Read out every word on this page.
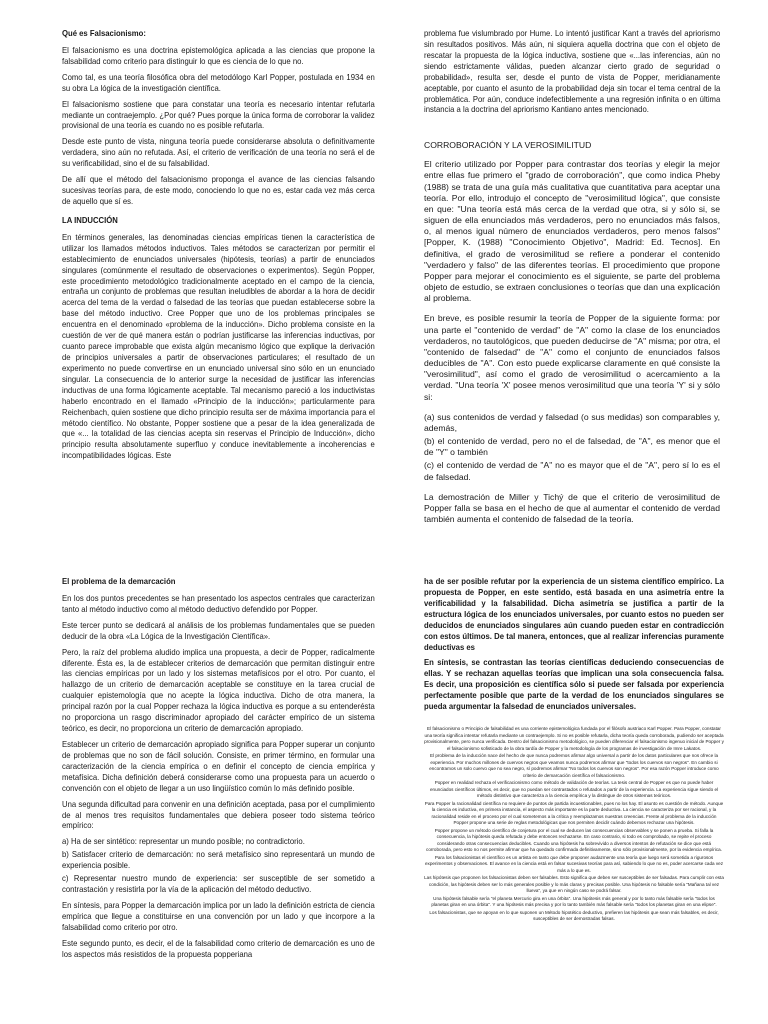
Qué es Falsacionismo:

El falsacionismo es una doctrina epistemológica aplicada a las ciencias que propone la falsabilidad como criterio para distinguir lo que es ciencia de lo que no.

Como tal, es una teoría filosófica obra del metodólogo Karl Popper, postulada en 1934 en su obra La lógica de la investigación científica.

El falsacionismo sostiene que para constatar una teoría es necesario intentar refutarla mediante un contraejemplo. ¿Por qué? Pues porque la única forma de corroborar la validez provisional de una teoría es cuando no es posible refutarla.

Desde este punto de vista, ninguna teoría puede considerarse absoluta o definitivamente verdadera, sino aún no refutada. Así, el criterio de verificación de una teoría no será el de su verificabilidad, sino el de su falsabilidad.

De allí que el método del falsacionismo proponga el avance de las ciencias falsando sucesivas teorías para, de este modo, conociendo lo que no es, estar cada vez más cerca de aquello que sí es.

LA INDUCCIÓN

En términos generales, las denominadas ciencias empíricas tienen la característica de utilizar los llamados métodos inductivos. Tales métodos se caracterizan por permitir el establecimiento de enunciados universales (hipótesis, teorías) a partir de enunciados singulares (comúnmente el resultado de observaciones o experimentos). Según Popper, este procedimiento metodológico tradicionalmente aceptado en el campo de la ciencia, entraña un conjunto de problemas que resultan ineludibles de abordar a la hora de decidir acerca del tema de la verdad o falsedad de las teorías que puedan establecerse sobre la base del método inductivo. Cree Popper que uno de los problemas principales se encuentra en el denominado «problema de la inducción». Dicho problema consiste en la cuestión de ver de qué manera están o podrían justificarse las inferencias inductivas, por cuanto parece improbable que exista algún mecanismo lógico que explique la derivación de principios universales a partir de observaciones particulares; el resultado de un experimento no puede convertirse en un enunciado universal sino sólo en un enunciado singular. La consecuencia de lo anterior surge la necesidad de justificar las inferencias inductivas de una forma lógicamente aceptable. Tal mecanismo pareció a los inductivistas haberlo encontrado en el llamado «Principio de la inducción»; particularmente para Reichenbach, quien sostiene que dicho principio resulta ser de máxima importancia para el método científico. No obstante, Popper sostiene que a pesar de la idea generalizada de que «... la totalidad de las ciencias acepta sin reservas el Principio de Inducción», dicho principio resulta absolutamente superfluo y conduce inevitablemente a incoherencias e incompatibilidades lógicas. Este

problema fue vislumbrado por Hume. Lo intentó justificar Kant a través del apriorismo sin resultados positivos. Más aún, ni siquiera aquella doctrina que con el objeto de rescatar la propuesta de la lógica inductiva, sostiene que «...las inferencias, aún no siendo estrictamente válidas, pueden alcanzar cierto grado de seguridad o probabilidad», resulta ser, desde el punto de vista de Popper, meridianamente aceptable, por cuanto el asunto de la probabilidad deja sin tocar el tema central de la problemática. Por aún, conduce indefectiblemente a una regresión infinita o en última instancia a la doctrina del apriorismo Kantiano antes mencionado.

CORROBORACIÓN Y LA VEROSIMILITUD

El criterio utilizado por Popper para contrastar dos teorías y elegir la mejor entre ellas fue primero el "grado de corroboración", que como indica Pheby (1988) se trata de una guía más cualitativa que cuantitativa para aceptar una teoría. Por ello, introdujo el concepto de "verosimilitud lógica", que consiste en que: "Una teoría está más cerca de la verdad que otra, si y sólo si, se siguen de ella enunciados más verdaderos, pero no enunciados más falsos, o, al menos igual número de enunciados verdaderos, pero menos falsos" [Popper, K. (1988) "Conocimiento Objetivo", Madrid: Ed. Tecnos]. En definitiva, el grado de verosimilitud se refiere a ponderar el contenido "verdadero y falso" de las diferentes teorías. El procedimiento que propone Popper para mejorar el conocimiento es el siguiente, se parte del problema objeto de estudio, se extraen conclusiones o teorías que dan una explicación al problema.

En breve, es posible resumir la teoría de Popper de la siguiente forma: por una parte el "contenido de verdad" de "A" como la clase de los enunciados verdaderos, no tautológicos, que pueden deducirse de "A" misma; por otra, el "contenido de falsedad" de "A" como el conjunto de enunciados falsos deducibles de "A". Con esto puede explicarse claramente en qué consiste la "verosimilitud", así como el grado de verosimilitud o acercamiento a la verdad. "Una teoría 'X' posee menos verosimilitud que una teoría 'Y' si y sólo si:

(a) sus contenidos de verdad y falsedad (o sus medidas) son comparables y, además,

(b) el contenido de verdad, pero no el de falsedad, de "A", es menor que el de "Y" o también

(c) el contenido de verdad de "A" no es mayor que el de "A", pero sí lo es el de falsedad.

La demostración de Miller y Tichý de que el criterio de verosimilitud de Popper falla se basa en el hecho de que al aumentar el contenido de verdad también aumenta el contenido de falsedad de la teoría.

El problema de la demarcación

En los dos puntos precedentes se han presentado los aspectos centrales que caracterizan tanto al método inductivo como al método deductivo defendido por Popper.

Este tercer punto se dedicará al análisis de los problemas fundamentales que se pueden deducir de la obra «La Lógica de la Investigación Científica».

Pero, la raíz del problema aludido implica una propuesta, a decir de Popper, radicalmente diferente. Ésta es, la de establecer criterios de demarcación que permitan distinguir entre las ciencias empíricas por un lado y los sistemas metafísicos por el otro. Por cuanto, el hallazgo de un criterio de demarcación aceptable se constituye en la tarea crucial de cualquier epistemología que no acepte la lógica inductiva. Dicho de otra manera, la principal razón por la cual Popper rechaza la lógica inductiva es porque a su entenderésta no proporciona un rasgo discriminador apropiado del carácter empírico de un sistema teórico, es decir, no proporciona un criterio de demarcación apropiado.

Establecer un criterio de demarcación apropiado significa para Popper superar un conjunto de problemas que no son de fácil solución. Consiste, en primer término, en formular una caracterización de la ciencia empírica o en definir el concepto de ciencia empírica y metafísica. Dicha definición deberá considerarse como una propuesta para un acuerdo o convención con el objeto de llegar a un uso lingüístico común lo más definido posible.

Una segunda dificultad para convenir en una definición aceptada, pasa por el cumplimiento de al menos tres requisitos fundamentales que debiera poseer todo sistema teórico empírico:

a) Ha de ser sintético: representar un mundo posible; no contradictorio.

b) Satisfacer criterio de demarcación: no será metafísico sino representará un mundo de experiencia posible.

c) Representar nuestro mundo de experiencia: ser susceptible de ser sometido a contrastación y resistirla por la vía de la aplicación del método deductivo.

En síntesis, para Popper la demarcación implica por un lado la definición estricta de ciencia empírica que llegue a constituirse en una convención por un lado y que incorpore a la falsabilidad como criterio por otro.

Este segundo punto, es decir, el de la falsabilidad como criterio de demarcación es uno de los aspectos más resistidos de la propuesta popperiana

ha de ser posible refutar por la experiencia de un sistema científico empírico. La propuesta de Popper, en este sentido, está basada en una asimetría entre la verificabilidad y la falsabilidad. Dicha asimetría se justifica a partir de la estructura lógica de los enunciados universales, por cuanto estos no pueden ser deducidos de enunciados singulares aún cuando pueden estar en contradicción con estos últimos. De tal manera, entonces, que al realizar inferencias puramente deductivas es

En síntesis, se contrastan las teorías científicas deduciendo consecuencias de ellas. Y se rechazan aquellas teorías que implican una sola consecuencia falsa. Es decir, una proposición es científica sólo si puede ser falsada por experiencia perfectamente posible que parte de la verdad de los enunciados singulares se pueda argumentar la falsedad de enunciados universales.

El falsacionismo o Principio de falsabilidad es una corriente epistemológica fundada por el filósofo austriaco Karl Popper. Para Popper, constatar una teoría significa intentar refutarla mediante un contraejemplo. Si no es posible refutarla, dicha teoría queda corroborada, pudiendo ser aceptada provisionalmente, pero nunca verificada. Dentro del falsacionismo metodológico, se pueden diferenciar el falsacionismo ingenuo inicial de Popper y el falsacionismo sofisticado de la obra tardía de Popper y la metodología de los programas de investigación de Imre Lakatos.

El problema de la inducción nace del hecho de que nunca podremos afirmar algo universal a partir de los datos particulares que nos ofrece la experiencia. Por muchos millones de cuervos negros que veamos nunca podremos afirmar que "todos los cuervos son negros". En cambio si encontramos un solo cuervo que no sea negro, sí podremos afirmar "No todos los cuervos son negros". Por esa razón Popper introduce como criterio de demarcación científica el falsacionismo.

Popper en realidad rechaza el verificacionismo como método de validación de teorías. La tesis central de Popper es que no puede haber enunciados científicos últimos, es decir, que no puedan ser contrastados o refutados a partir de la experiencia. La experiencia sigue siendo el método distintivo que caracteriza a la ciencia empírica y la distingue de otros sistemas teóricos.

Para Popper la racionalidad científica no requiere de puntos de partida incuestionables, pues no los hay. El asunto es cuestión de método. Aunque la ciencia es inductiva, en primera instancia, el aspecto más importante es la parte deductiva. La ciencia se caracteriza por ser racional, y la racionalidad reside en el proceso por el cual sometemos a la crítica y reemplazamos nuestras creencias. Frente al problema de la inducción Popper propone una serie de reglas metodológicas que nos permiten decidir cuándo debemos rechazar una hipótesis.

Popper propone un método científico de conjetura por el cual se deducen las consecuencias observables y se ponen a prueba. Si falla la consecuencia, la hipótesis queda refutada y debe entonces rechazarse. En caso contrario, si todo es comprobado, se repite el proceso considerando otras consecuencias deducibles. Cuando una hipótesis ha sobrevivido a diversos intentos de refutación se dice que está corroborada, pero esto no nos permite afirmar que ha quedado confirmada definitivamente, sino sólo provisionalmente, por la evidencia empírica.

Para los falsacionistas el científico es un artista en tanto que debe proponer audazmente una teoría que luego será sometida a rigurosos experimentos y observaciones. El avance en la ciencia está en falsar sucesivas teorías para así, sabiendo lo que no es, poder acercarse cada vez más a lo que es.

Las hipótesis que proponen los falsacionistas deben ser falsables. Esto significa que deben ser susceptibles de ser falsadas. Para cumplir con esta condición, las hipótesis deben ser lo más generales posible y lo más claras y precisas posible. Una hipótesis no falsable sería "Mañana tal vez llueva", ya que en ningún caso se podrá falsar.

Una hipótesis falsable sería "el planeta Mercurio gira en una órbita". Una hipótesis más general y por lo tanto más falsable sería "todos los planetas giran en una órbita". Y una hipótesis más precisa y por lo tanto también más falsable sería "todos los planetas giran en una elipse".

Los falsacionistas, que se apoyan en lo que suponen un Método hipotético deductivo, prefieren las hipótesis que sean más falsables, es decir, susceptibles de ser demostradas falsas.
